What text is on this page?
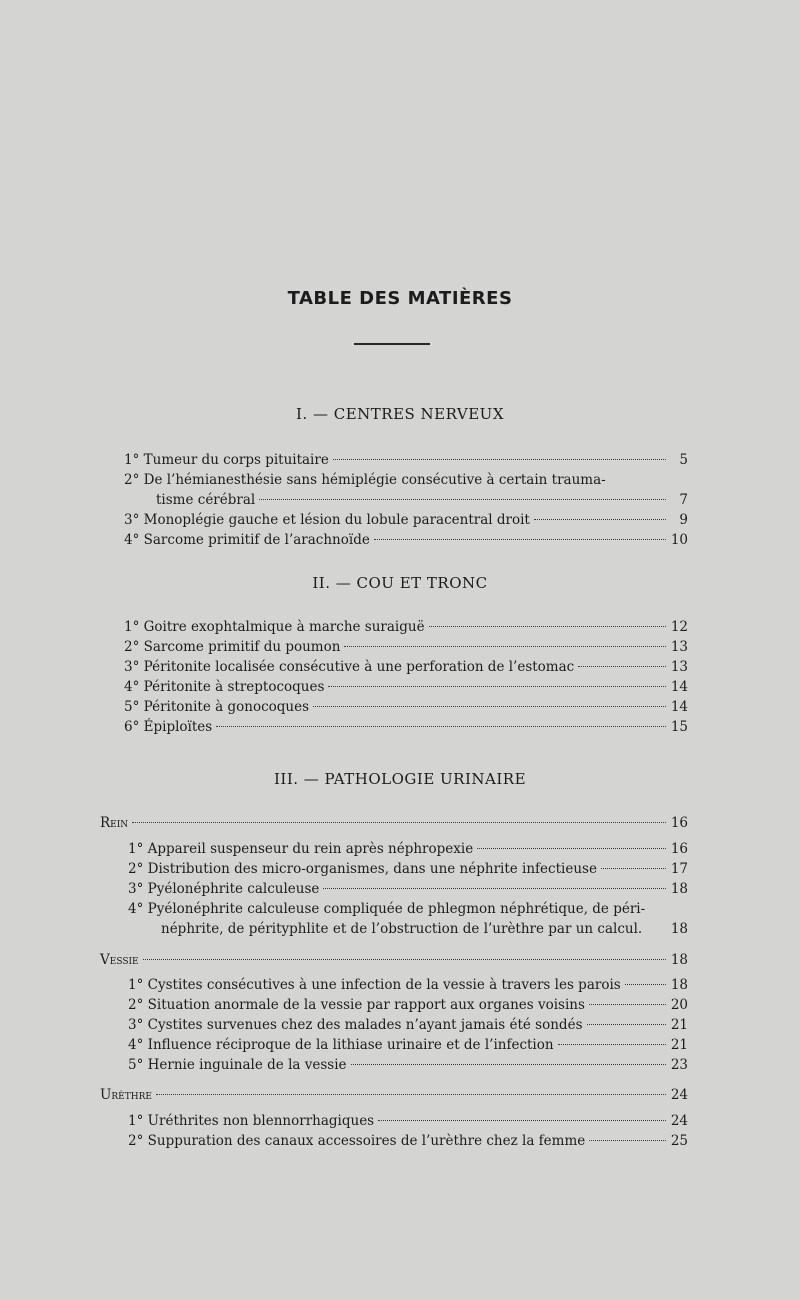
TABLE DES MATIÈRES
I. — CENTRES NERVEUX
1° Tumeur du corps pituitaire	5
2° De l’hémianesthésie sans hémiplégie consécutive à certain trauma-
tisme cérébral	7
3° Monoplégie gauche et lésion du lobule paracentral droit	9
4° Sarcome primitif de l’arachnoïde	10
II. — COU ET TRONC
1° Goitre exophtalmique à marche suraiguë	12
2° Sarcome primitif du poumon	13
3° Péritonite localisée consécutive à une perforation de l’estomac	13
4° Péritonite à streptocoques	14
5° Péritonite à gonocoques	14
6° Épiploïtes	15
III. — PATHOLOGIE URINAIRE
Rein	16
1° Appareil suspenseur du rein après néphropexie	16
2° Distribution des micro-organismes, dans une néphrite infectieuse	17
3° Pyélonéphrite calculeuse	18
4° Pyélonéphrite calculeuse compliquée de phlegmon néphrétique, de péri-
néphrite, de pérityphlite et de l’obstruction de l’urèthre par un calcul. 18
Vessie	18
1° Cystites consécutives à une infection de la vessie à travers les parois	18
2° Situation anormale de la vessie par rapport aux organes voisins	20
3° Cystites survenues chez des malades n’ayant jamais été sondés	21
4° Influence réciproque de la lithiase urinaire et de l’infection	21
5° Hernie inguinale de la vessie	23
Urèthre	24
1° Uréthrites non blennorrhagiques	24
2° Suppuration des canaux accessoires de l’urèthre chez la femme	25
